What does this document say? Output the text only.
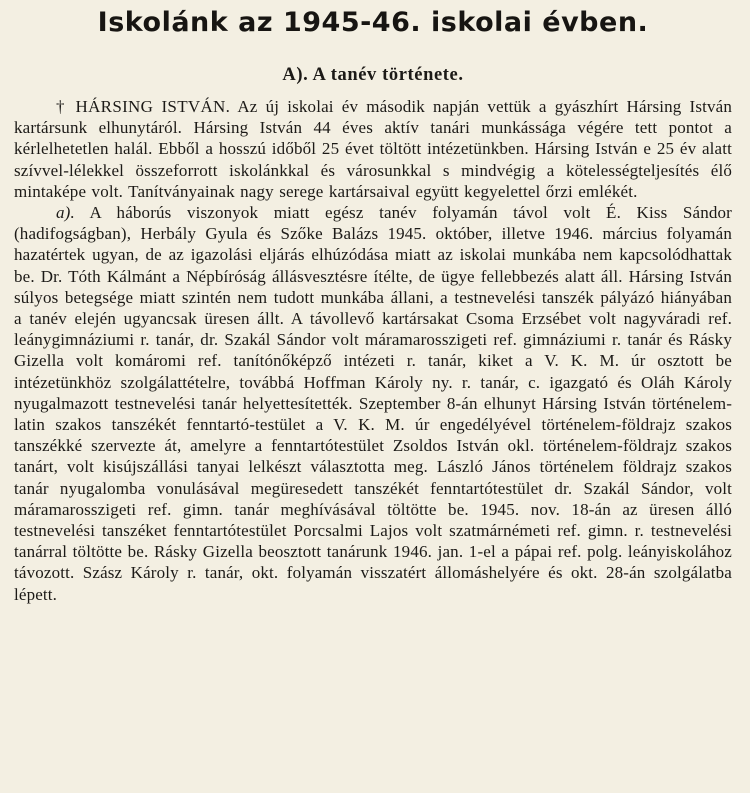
Iskolánk az 1945-46. iskolai évben.
A). A tanév története.

† HÁRSING ISTVÁN. Az új iskolai év második napján vettük a gyászhírt Hársing István kartársunk elhunytáról. Hársing István 44 éves aktív tanári munkássága végére tett pontot a kérlelhetetlen halál. Ebből a hosszú időből 25 évet töltött intézetünkben. Hársing István e 25 év alatt szívvel-lélekkel összeforrott iskolánkkal és városunkkal s mindvégig a kötelességteljesítés élő mintaképe volt. Tanítványainak nagy serege kartársaival együtt kegyelettel őrzi emlékét.

a). A háborús viszonyok miatt egész tanév folyamán távol volt É. Kiss Sándor (hadifogságban), Herbály Gyula és Szőke Balázs 1945. október, illetve 1946. március folyamán hazatértek ugyan, de az igazolási eljárás elhúzódása miatt az iskolai munkába nem kapcsolódhattak be. Dr. Tóth Kálmánt a Népbíróság állásvesztésre ítélte, de ügye fellebbezés alatt áll. Hársing István súlyos betegsége miatt szintén nem tudott munkába állani, a testnevelési tanszék pályázó hiányában a tanév elején ugyancsak üresen állt. A távollevő kartársakat Csoma Erzsébet volt nagyváradi ref. leánygimnáziumi r. tanár, dr. Szakál Sándor volt máramarosszigeti ref. gimnáziumi r. tanár és Rásky Gizella volt komáromi ref. tanítónőképző intézeti r. tanár, kiket a V. K. M. úr osztott be intézetünkhöz szolgálattételre, továbbá Hoffman Károly ny. r. tanár, c. igazgató és Oláh Károly nyugalmazott testnevelési tanár helyettesítették. Szeptember 8-án elhunyt Hársing István történelem-latin szakos tanszékét fenntartó-testület a V. K. M. úr engedélyével történelem-földrajz szakos tanszékké szervezte át, amelyre a fenntartótestület Zsoldos István okl. történelem-földrajz szakos tanárt, volt kisújszállási tanyai lelkészt választotta meg. László János történelem földrajz szakos tanár nyugalomba vonulásával megüresedett tanszékét fenntartótestület dr. Szakál Sándor, volt máramarosszigeti ref. gimn. tanár meghívásával töltötte be. 1945. nov. 18-án az üresen álló testnevelési tanszéket fenntartótestület Porcsalmi Lajos volt szatmárnémeti ref. gimn. r. testnevelési tanárral töltötte be. Rásky Gizella beosztott tanárunk 1946. jan. 1-el a pápai ref. polg. leányiskolához távozott. Szász Károly r. tanár, okt. folyamán visszatért állomáshelyére és okt. 28-án szolgálatba lépett.
